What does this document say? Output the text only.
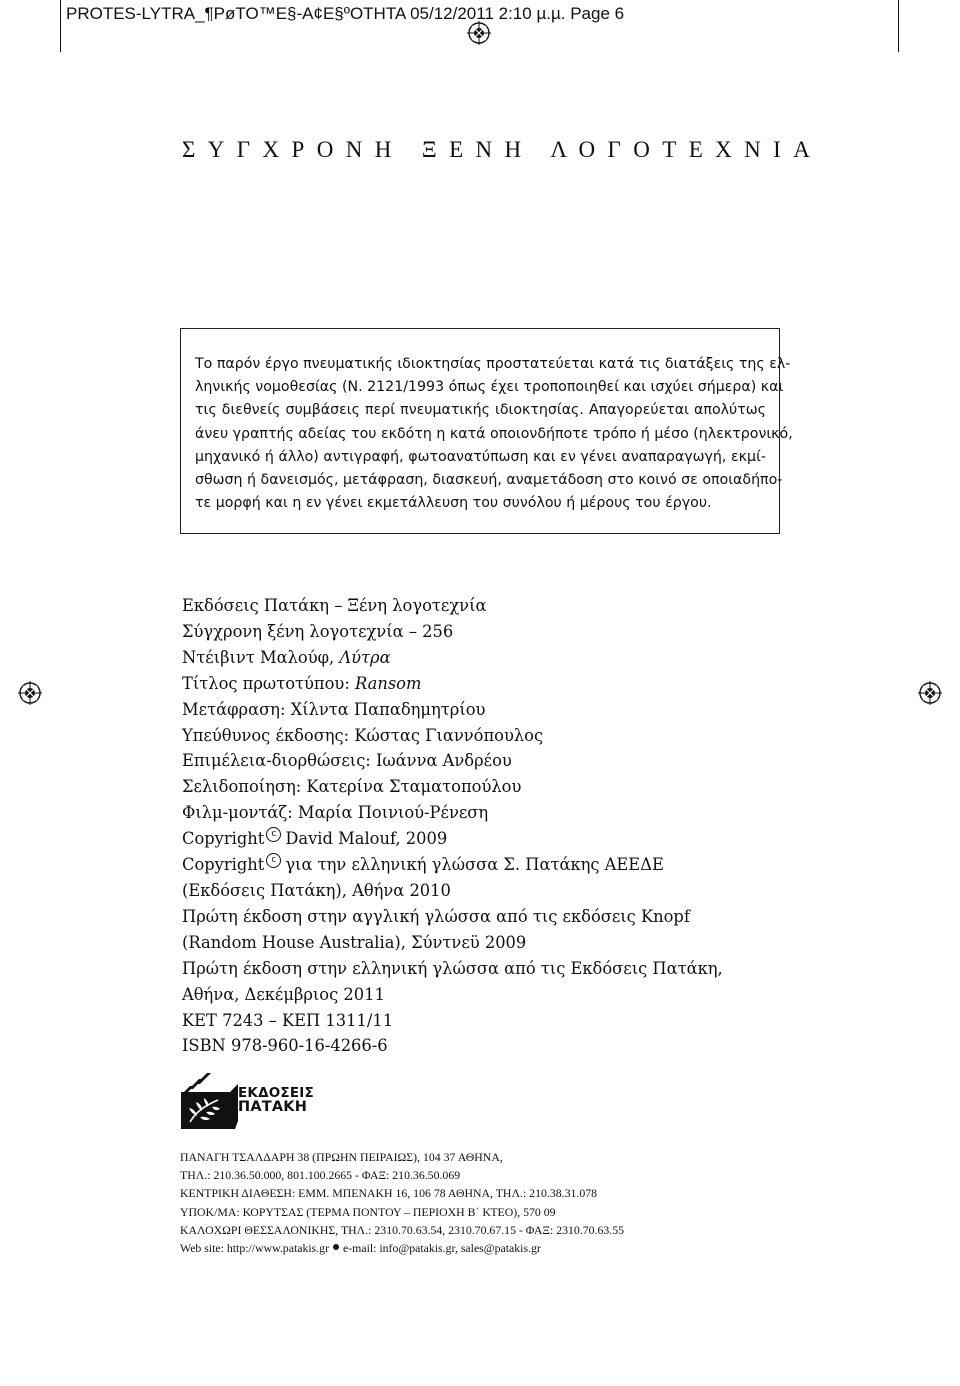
PROTES-LYTRA_¶PøTO™E§-A¢E§ºOTHTA 05/12/2011 2:10 µ.µ. Page 6
ΣΥΓΧΡΟΝΗ ΞΕΝΗ ΛΟΓΟΤΕΧΝΙΑ
Το παρόν έργο πνευματικής ιδιοκτησίας προστατεύεται κατά τις διατάξεις της ελ-
ληνικής νομοθεσίας (Ν. 2121/1993 όπως έχει τροποποιηθεί και ισχύει σήμερα) και
τις διεθνείς συμβάσεις περί πνευματικής ιδιοκτησίας. Απαγορεύεται απολύτως
άνευ γραπτής αδείας του εκδότη η κατά οποιονδήποτε τρόπο ή μέσο (ηλεκτρονικό,
μηχανικό ή άλλο) αντιγραφή, φωτοανατύπωση και εν γένει αναπαραγωγή, εκμί-
σθωση ή δανεισμός, μετάφραση, διασκευή, αναμετάδοση στο κοινό σε οποιαδήπο-
τε μορφή και η εν γένει εκμετάλλευση του συνόλου ή μέρους του έργου.
Εκδόσεις Πατάκη – Ξένη λογοτεχνία
Σύγχρονη ξένη λογοτεχνία – 256
Ντέιβιντ Μαλούφ, Λύτρα
Τίτλος πρωτοτύπου: Ransom
Μετάφραση: Χίλντα Παπαδημητρίου
Υπεύθυνος έκδοσης: Κώστας Γιαννόπουλος
Επιμέλεια-διορθώσεις: Ιωάννα Ανδρέου
Σελιδοποίηση: Κατερίνα Σταματοπούλου
Φιλμ-μοντάζ: Μαρία Ποινιού-Ρένεση
Copyright c David Malouf, 2009
Copyright c για την ελληνική γλώσσα Σ. Πατάκης ΑΕΕΔΕ
(Εκδόσεις Πατάκη), Αθήνα 2010
Πρώτη έκδοση στην αγγλική γλώσσα από τις εκδόσεις Knopf
(Random House Australia), Σύντνεϋ 2009
Πρώτη έκδοση στην ελληνική γλώσσα από τις Εκδόσεις Πατάκη,
Αθήνα, Δεκέμβριος 2011
ΚΕΤ 7243 – ΚΕΠ 1311/11
ISBN 978-960-16-4266-6
ΕΚΔΟΣΕΙΣ
ΠΑΤΑΚΗ
ΠΑΝΑΓΗ ΤΣΑΛΔΑΡΗ 38 (ΠΡΩΗΝ ΠΕΙΡΑΙΩΣ), 104 37 ΑΘΗΝΑ,
ΤΗΛ.: 210.36.50.000, 801.100.2665 - ΦΑΞ: 210.36.50.069
ΚΕΝΤΡΙΚΗ ΔΙΑΘΕΣΗ: ΕΜΜ. ΜΠΕΝΑΚΗ 16, 106 78 ΑΘΗΝΑ, ΤΗΛ.: 210.38.31.078
ΥΠΟΚ/ΜΑ: ΚΟΡΥΤΣΑΣ (ΤΕΡΜΑ ΠΟΝΤΟΥ – ΠΕΡΙΟΧΗ Β΄ ΚΤΕΟ), 570 09
ΚΑΛΟΧΩΡΙ ΘΕΣΣΑΛΟΝΙΚΗΣ, ΤΗΛ.: 2310.70.63.54, 2310.70.67.15 - ΦΑΞ: 2310.70.63.55
Web site: http://www.patakis.gr e-mail: info@patakis.gr, sales@patakis.gr
